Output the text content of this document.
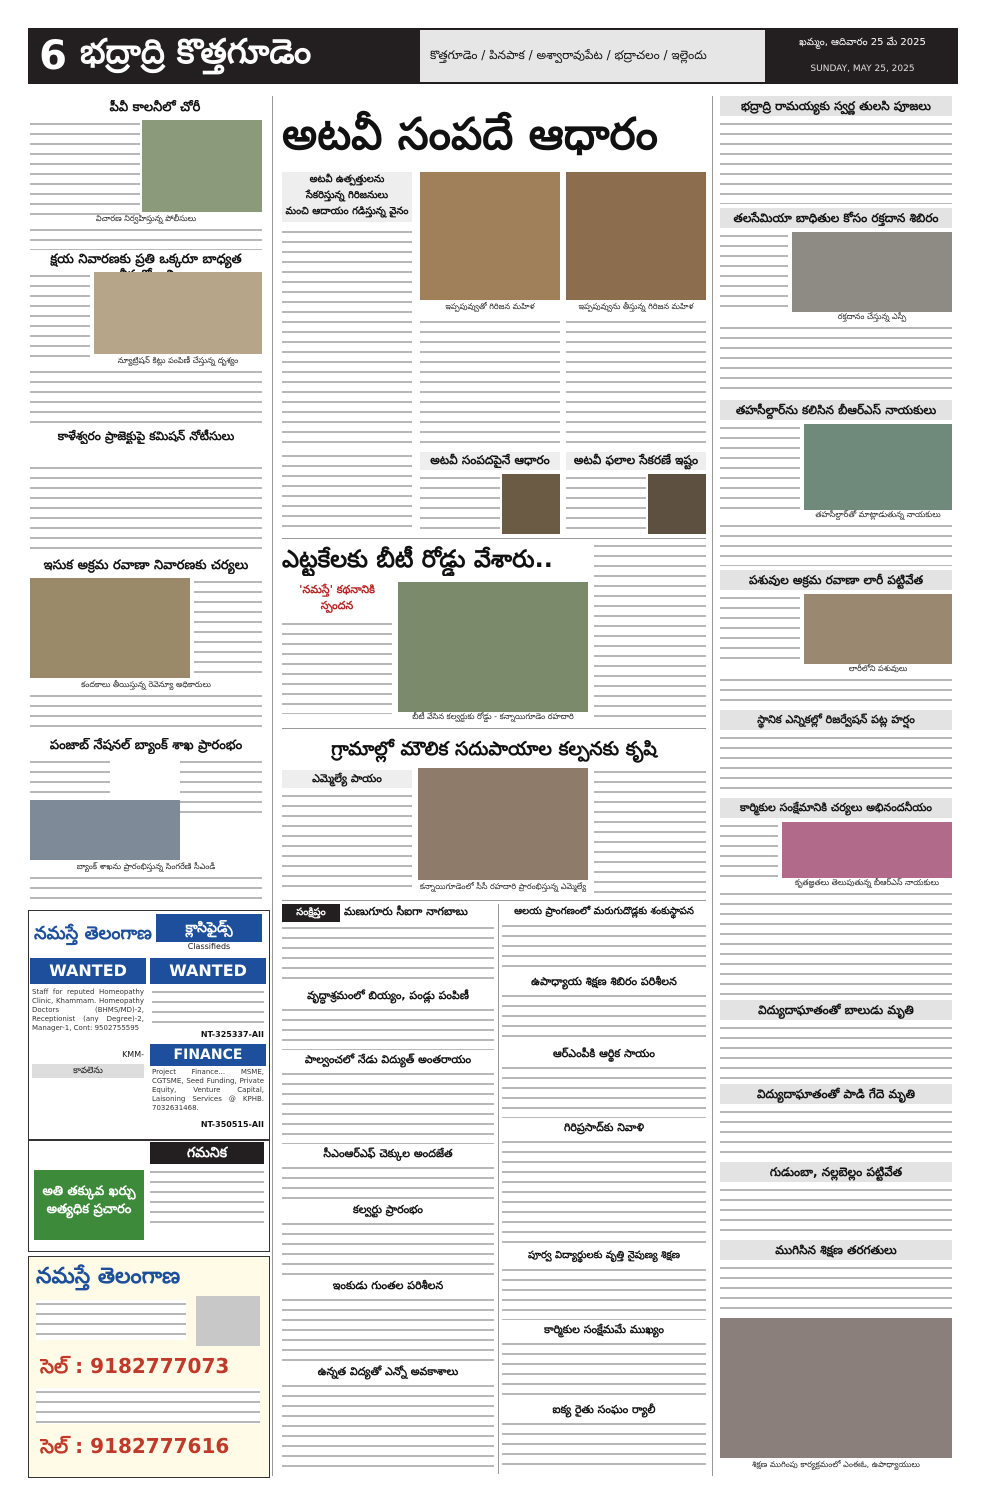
6 భద్రాద్రి కొత్తగూడెం	కొత్తగూడెం / పినపాక / అశ్వారావుపేట / భద్రాచలం / ఇల్లెందు
ఖమ్మం, ఆదివారం 25 మే 2025
SUNDAY, MAY 25, 2025
పీవీ కాలనీలో చోరీ
విచారణ నిర్వహిస్తున్న పోలీసులు
క్షయ నివారణకు ప్రతి ఒక్కరూ బాధ్యత
న్యూట్రిషన్ కిట్లు పంపిణీ చేస్తున్న దృశ్యం
కాళేశ్వరం ప్రాజెక్టుపై కమిషన్ నోటీసులు
ఇసుక అక్రమ రవాణా నివారణకు చర్యలు
కందకాలు తీయిస్తున్న రెవెన్యూ అధికారులు
పంజాబ్ నేషనల్ బ్యాంక్ శాఖ ప్రారంభం
బ్యాంక్ శాఖను ప్రారంభిస్తున్న సింగరేణి సీఎండీ
నమస్తే తెలంగాణ	క్లాసిఫైడ్స్
Classifieds
WANTED	WANTED
Staff for reputed Homeopathy Clinic, Khammam. Homeopathy Doctors (BHMS/MD)-2, Receptionist (any Degree)-2, Manager-1, Cont: 9502755595
KMM-
కావలెను
NT-325337-AII
FINANCE
Project Finance... MSME, CGTSME, Seed Funding, Private Equity, Venture Capital, Laisoning Services @ KPHB. 7032631468.
NT-350515-AII
గమనిక
అతి తక్కువ ఖర్చు
అత్యధిక ప్రచారం
నమస్తే తెలంగాణ
సెల్ : 9182777073
సెల్ : 9182777616
అటవీ సంపదే ఆధారం
అటవీ ఉత్పత్తులను
సేకరిస్తున్న గిరిజనులు
మంచి ఆదాయం గడిస్తున్న వైనం
ఇప్పపువ్వుతో గిరిజన మహిళ	ఇప్పపువ్వును తీస్తున్న గిరిజన మహిళ
అటవీ సంపదపైనే ఆధారం	అటవీ ఫలాల సేకరణే ఇష్టం
ఎట్టకేలకు బీటీ రోడ్డు వేశారు..
'నమస్తే' కథనానికి
స్పందన
బీటీ వేసిన కల్వర్టుకు రోడ్డు - కన్నాయిగూడెం రహదారి
గ్రామాల్లో మౌలిక సదుపాయాల కల్పనకు కృషి
ఎమ్మెల్యే పాయం
కన్నాయిగూడెంలో సీసీ రహదారి ప్రారంభిస్తున్న ఎమ్మెల్యే
సంక్షిప్తం	మణుగూరు సీఐగా నాగబాబు
వృద్ధాశ్రమంలో బియ్యం, పండ్లు పంపిణీ
పాల్వంచలో నేడు విద్యుత్ అంతరాయం
సీఎంఆర్ఎఫ్ చెక్కుల అందజేత
కల్వర్టు ప్రారంభం
ఇంకుడు గుంతల పరిశీలన
ఉన్నత విద్యతో ఎన్నో అవకాశాలు
ఆలయ ప్రాంగణంలో మరుగుదొడ్లకు శంకుస్థాపన
ఉపాధ్యాయ శిక్షణ శిబిరం పరిశీలన
ఆర్ఎంపీకి ఆర్థిక సాయం
గిరిప్రసాద్‌కు నివాళి
పూర్వ విద్యార్థులకు వృత్తి నైపుణ్య శిక్షణ
కార్మికుల సంక్షేమమే ముఖ్యం
ఐక్య రైతు సంఘం ర్యాలీ
భద్రాద్రి రామయ్యకు స్వర్ణ తులసి పూజలు
తలసేమియా బాధితుల కోసం రక్తదాన శిబిరం
రక్తదానం చేస్తున్న ఎస్పీ
తహసీల్దార్‌ను కలిసిన బీఆర్ఎస్ నాయకులు
తహసీల్దార్‌తో మాట్లాడుతున్న నాయకులు
పశువుల అక్రమ రవాణా లారీ పట్టివేత
లారీలోని పశువులు
స్థానిక ఎన్నికల్లో రిజర్వేషన్ పట్ల హర్షం
కార్మికుల సంక్షేమానికి చర్యలు అభినందనీయం
కృతజ్ఞతలు తెలుపుతున్న బీఆర్ఎస్ నాయకులు
విద్యుదాఘాతంతో బాలుడు మృతి
విద్యుదాఘాతంతో పాడి గేదె మృతి
గుడుంబా, నల్లబెల్లం పట్టివేత
ముగిసిన శిక్షణ తరగతులు
శిక్షణ ముగింపు కార్యక్రమంలో ఎంఈఓ, ఉపాధ్యాయులు
